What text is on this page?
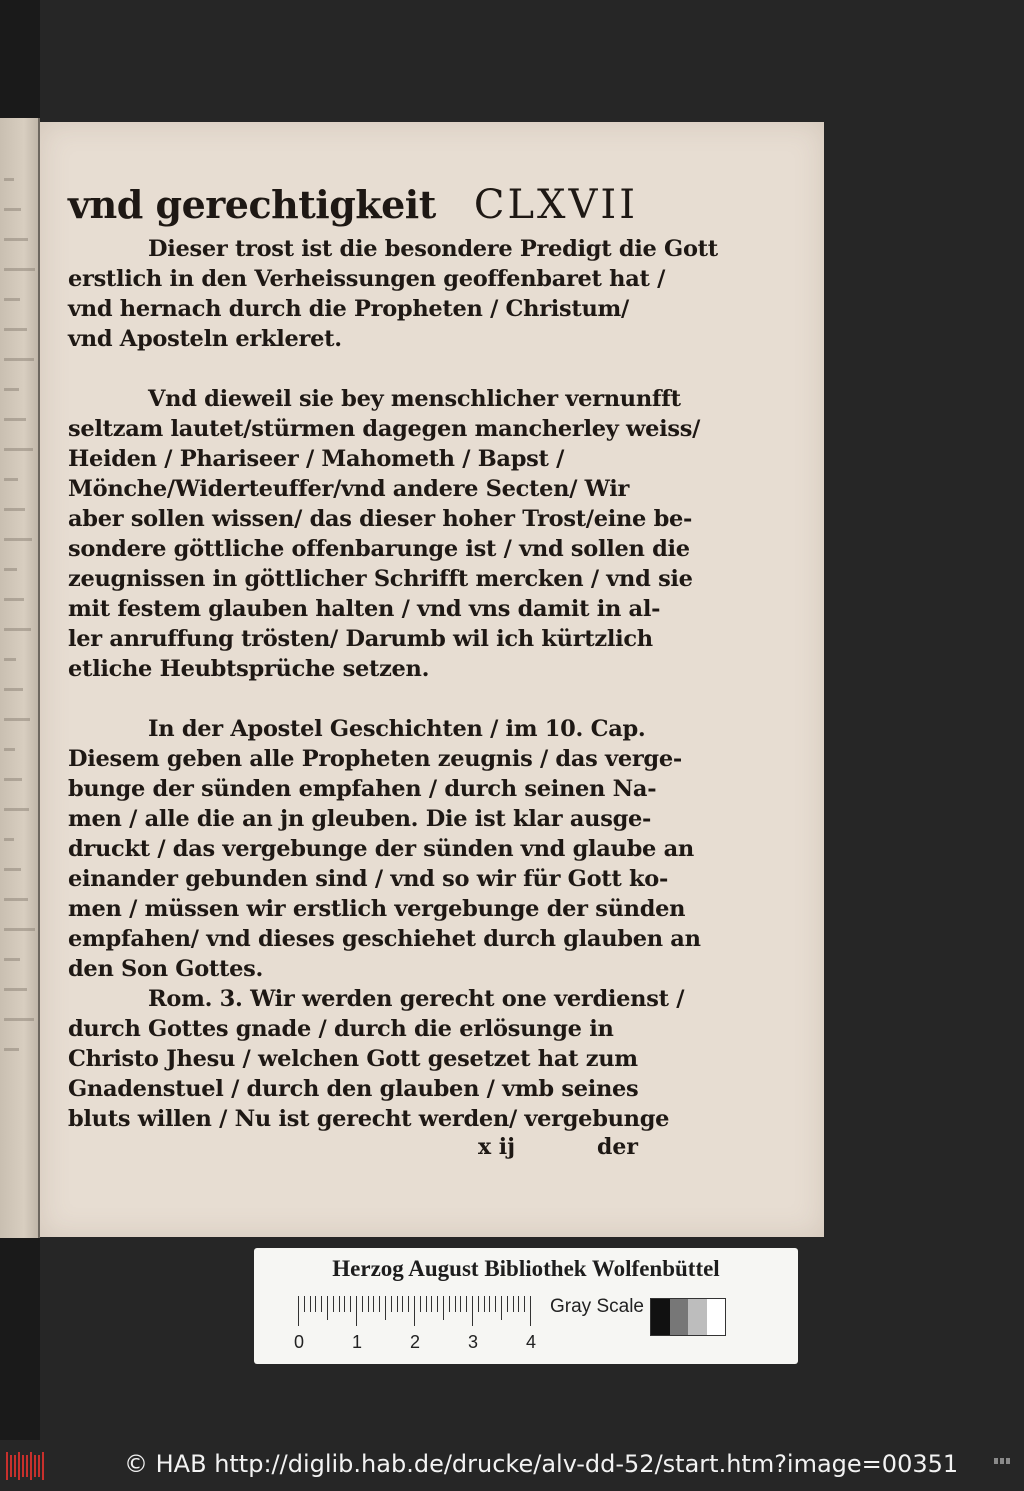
vnd gerechtigkeit CLXVII
Dieser trost ist die besondere Predigt die Gott
erstlich in den Verheissungen geoffenbaret hat /
vnd hernach durch die Propheten / Christum/
vnd Aposteln erkleret.
Vnd dieweil sie bey menschlicher vernunfft
seltzam lautet/stürmen dagegen mancherley weiss/
Heiden / Phariseer / Mahometh / Bapst /
Mönche/Widerteuffer/vnd andere Secten/ Wir
aber sollen wissen/ das dieser hoher Trost/eine be-
sondere göttliche offenbarunge ist / vnd sollen die
zeugnissen in göttlicher Schrifft mercken / vnd sie
mit festem glauben halten / vnd vns damit in al-
ler anruffung trösten/ Darumb wil ich kürtzlich
etliche Heubtsprüche setzen.
In der Apostel Geschichten / im 10. Cap.
Diesem geben alle Propheten zeugnis / das verge-
bunge der sünden empfahen / durch seinen Na-
men / alle die an jn gleuben. Die ist klar ausge-
druckt / das vergebunge der sünden vnd glaube an
einander gebunden sind / vnd so wir für Gott ko-
men / müssen wir erstlich vergebunge der sünden
empfahen/ vnd dieses geschiehet durch glauben an
den Son Gottes.
Rom. 3. Wir werden gerecht one verdienst /
durch Gottes gnade / durch die erlösunge in
Christo Jhesu / welchen Gott gesetzet hat zum
Gnadenstuel / durch den glauben / vmb seines
bluts willen / Nu ist gerecht werden/ vergebunge
x ij	der
Herzog August Bibliothek Wolfenbüttel
0	1	2	3	4
Gray Scale
© HAB http://diglib.hab.de/drucke/alv-dd-52/start.htm?image=00351
